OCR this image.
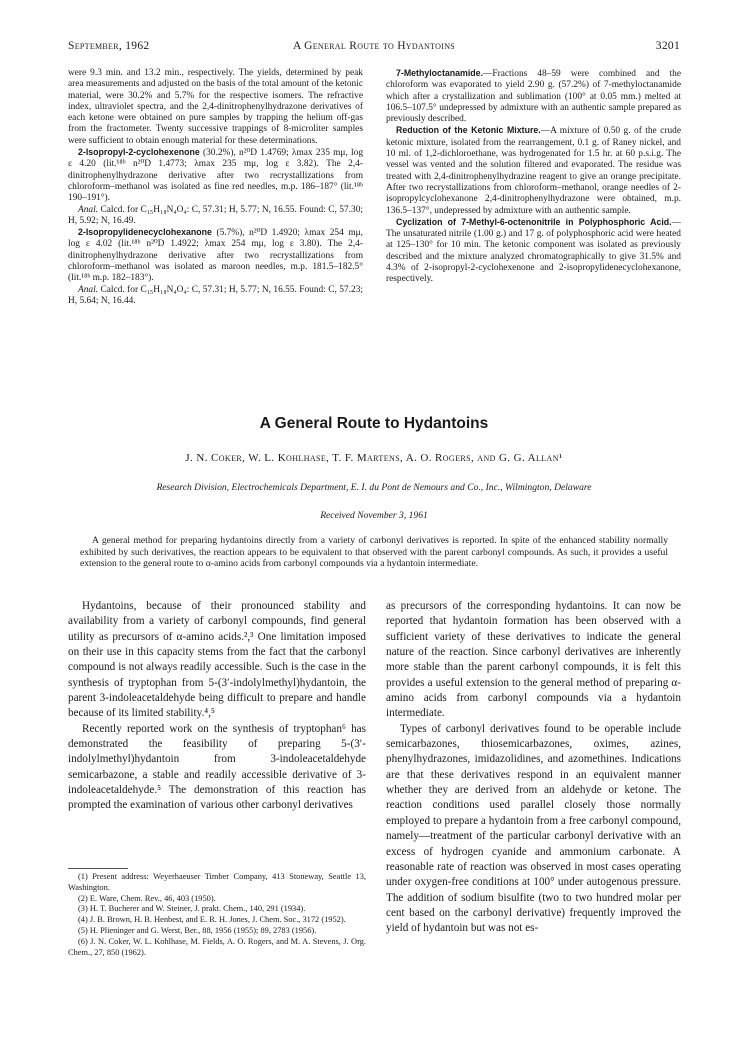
September, 1962	A General Route to Hydantoins	3201

were 9.3 min. and 13.2 min., respectively. The yields, determined by peak area measurements and adjusted on the basis of the total amount of the ketonic material, were 30.2% and 5.7% for the respective isomers. The refractive index, ultraviolet spectra, and the 2,4-dinitrophenylhydrazone derivatives of each ketone were obtained on pure samples by trapping the helium off-gas from the fractometer. Twenty successive trappings of 8-microliter samples were sufficient to obtain enough material for these determinations.

2-Isopropyl-2-cyclohexenone (30.2%), n²⁰D 1.4769; λmax 235 mμ, log ε 4.20 (lit.¹⁸ᵇ n²⁰D 1.4773; λmax 235 mμ, log ε 3.82). The 2,4-dinitrophenylhydrazone derivative after two recrystallizations from chloroform–methanol was isolated as fine red needles, m.p. 186–187° (lit.¹⁸ᵇ 190–191°).

Anal. Calcd. for C₁₅H₁₈N₄O₄: C, 57.31; H, 5.77; N, 16.55. Found: C, 57.30; H, 5.92; N, 16.49.

2-Isopropylidenecyclohexanone (5.7%), n²⁰D 1.4920; λmax 254 mμ, log ε 4.02 (lit.¹⁸ᵇ n²⁰D 1.4922; λmax 254 mμ, log ε 3.80). The 2,4-dinitrophenylhydrazone derivative after two recrystallizations from chloroform–methanol was isolated as maroon needles, m.p. 181.5–182.5° (lit.¹⁸ᵇ m.p. 182–183°).

Anal. Calcd. for C₁₅H₁₈N₄O₄: C, 57.31; H, 5.77; N, 16.55. Found: C, 57.23; H, 5.64; N, 16.44.

7-Methyloctanamide.—Fractions 48–59 were combined and the chloroform was evaporated to yield 2.90 g. (57.2%) of 7-methyloctanamide which after a crystallization and sublimation (100° at 0.05 mm.) melted at 106.5–107.5° undepressed by admixture with an authentic sample prepared as previously described.

Reduction of the Ketonic Mixture.—A mixture of 0.50 g. of the crude ketonic mixture, isolated from the rearrangement, 0.1 g. of Raney nickel, and 10 ml. of 1,2-dichloroethane, was hydrogenated for 1.5 hr. at 60 p.s.i.g. The vessel was vented and the solution filtered and evaporated. The residue was treated with 2,4-dinitrophenylhydrazine reagent to give an orange precipitate. After two recrystallizations from chloroform–methanol, orange needles of 2-isopropylcyclohexanone 2,4-dinitrophenylhydrazone were obtained, m.p. 136.5–137°, undepressed by admixture with an authentic sample.

Cyclization of 7-Methyl-6-octenonitrile in Polyphosphoric Acid.—The unsaturated nitrile (1.00 g.) and 17 g. of polyphosphoric acid were heated at 125–130° for 10 min. The ketonic component was isolated as previously described and the mixture analyzed chromatographically to give 31.5% and 4.3% of 2-isopropyl-2-cyclohexenone and 2-isopropylidenecyclohexanone, respectively.

A General Route to Hydantoins
J. N. Coker, W. L. Kohlhase, T. F. Martens, A. O. Rogers, and G. G. Allan¹
Research Division, Electrochemicals Department, E. I. du Pont de Nemours and Co., Inc., Wilmington, Delaware
Received November 3, 1961

A general method for preparing hydantoins directly from a variety of carbonyl derivatives is reported. In spite of the enhanced stability normally exhibited by such derivatives, the reaction appears to be equivalent to that observed with the parent carbonyl compounds. As such, it provides a useful extension to the general route to α-amino acids from carbonyl compounds via a hydantoin intermediate.

Hydantoins, because of their pronounced stability and availability from a variety of carbonyl compounds, find general utility as precursors of α-amino acids.²,³ One limitation imposed on their use in this capacity stems from the fact that the carbonyl compound is not always readily accessible. Such is the case in the synthesis of tryptophan from 5-(3′-indolylmethyl)hydantoin, the parent 3-indoleacetaldehyde being difficult to prepare and handle because of its limited stability.⁴,⁵

Recently reported work on the synthesis of tryptophan⁶ has demonstrated the feasibility of preparing 5-(3′-indolylmethyl)hydantoin from 3-indoleacetaldehyde semicarbazone, a stable and readily accessible derivative of 3-indoleacetaldehyde.⁵ The demonstration of this reaction has prompted the examination of various other carbonyl derivatives

as precursors of the corresponding hydantoins. It can now be reported that hydantoin formation has been observed with a sufficient variety of these derivatives to indicate the general nature of the reaction. Since carbonyl derivatives are inherently more stable than the parent carbonyl compounds, it is felt this provides a useful extension to the general method of preparing α-amino acids from carbonyl compounds via a hydantoin intermediate.

Types of carbonyl derivatives found to be operable include semicarbazones, thiosemicarbazones, oximes, azines, phenylhydrazones, imidazolidines, and azomethines. Indications are that these derivatives respond in an equivalent manner whether they are derived from an aldehyde or ketone. The reaction conditions used parallel closely those normally employed to prepare a hydantoin from a free carbonyl compound, namely—treatment of the particular carbonyl derivative with an excess of hydrogen cyanide and ammonium carbonate. A reasonable rate of reaction was observed in most cases operating under oxygen-free conditions at 100° under autogenous pressure. The addition of sodium bisulfite (two to two hundred molar per cent based on the carbonyl derivative) frequently improved the yield of hydantoin but was not es-

(1) Present address: Weyerhaeuser Timber Company, 413 Stoneway, Seattle 13, Washington.

(2) E. Ware, Chem. Rev., 46, 403 (1950).

(3) H. T. Bucherer and W. Steiner, J. prakt. Chem., 140, 291 (1934).

(4) J. B. Brown, H. B. Henbest, and E. R. H. Jones, J. Chem. Soc., 3172 (1952).

(5) H. Plieninger and G. Werst, Ber., 88, 1956 (1955); 89, 2783 (1956).

(6) J. N. Coker, W. L. Kohlhase, M. Fields, A. O. Rogers, and M. A. Stevens, J. Org. Chem., 27, 850 (1962).
